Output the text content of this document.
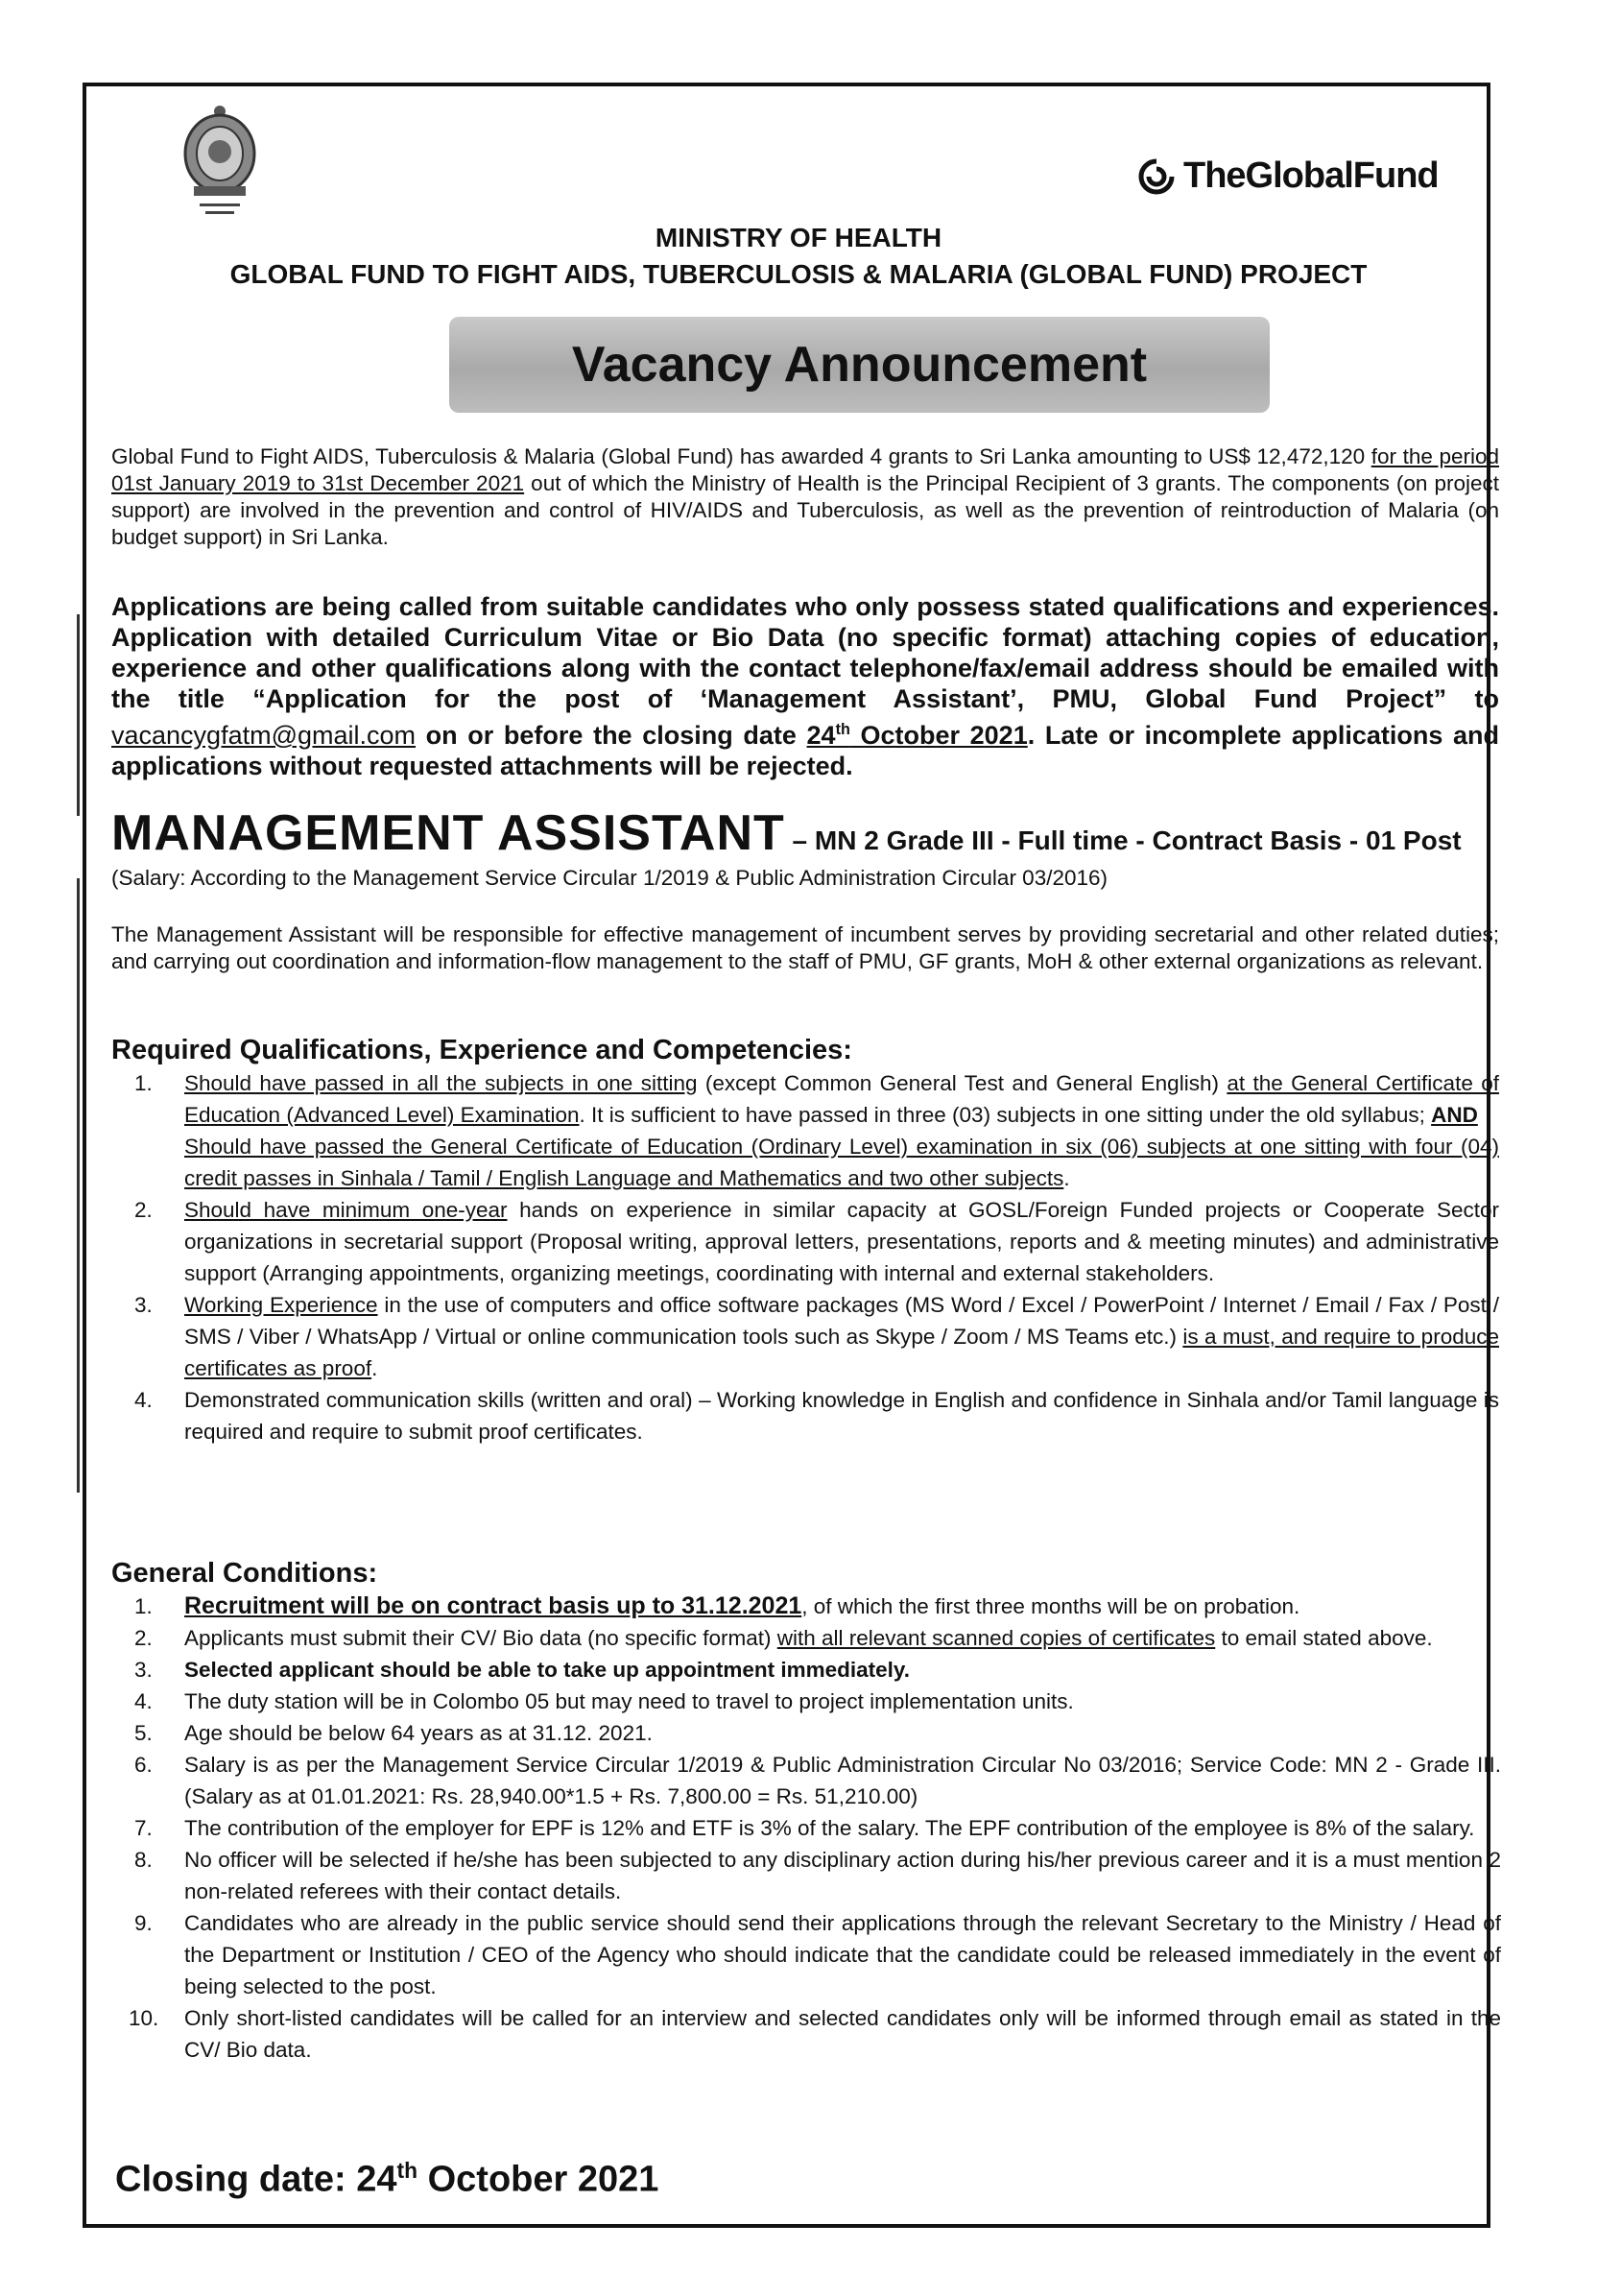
TheGlobalFund
MINISTRY OF HEALTH
GLOBAL FUND TO FIGHT AIDS, TUBERCULOSIS & MALARIA (GLOBAL FUND) PROJECT
Vacancy Announcement
Global Fund to Fight AIDS, Tuberculosis & Malaria (Global Fund) has awarded 4 grants to Sri Lanka amounting to US$ 12,472,120 for the period 01st January 2019 to 31st December 2021 out of which the Ministry of Health is the Principal Recipient of 3 grants. The components (on project support) are involved in the prevention and control of HIV/AIDS and Tuberculosis, as well as the prevention of reintroduction of Malaria (on budget support) in Sri Lanka.
Applications are being called from suitable candidates who only possess stated qualifications and experiences. Application with detailed Curriculum Vitae or Bio Data (no specific format) attaching copies of education, experience and other qualifications along with the contact telephone/fax/email address should be emailed with the title “Application for the post of ‘Management Assistant’, PMU, Global Fund Project” to vacancygfatm@gmail.com on or before the closing date 24th October 2021. Late or incomplete applications and applications without requested attachments will be rejected.
MANAGEMENT ASSISTANT – MN 2 Grade III - Full time - Contract Basis - 01 Post
(Salary: According to the Management Service Circular 1/2019 & Public Administration Circular 03/2016)
The Management Assistant will be responsible for effective management of incumbent serves by providing secretarial and other related duties; and carrying out coordination and information-flow management to the staff of PMU, GF grants, MoH & other external organizations as relevant.
Required Qualifications, Experience and Competencies:
1. Should have passed in all the subjects in one sitting (except Common General Test and General English) at the General Certificate of Education (Advanced Level) Examination. It is sufficient to have passed in three (03) subjects in one sitting under the old syllabus; AND
Should have passed the General Certificate of Education (Ordinary Level) examination in six (06) subjects at one sitting with four (04) credit passes in Sinhala / Tamil / English Language and Mathematics and two other subjects.
2. Should have minimum one-year hands on experience in similar capacity at GOSL/Foreign Funded projects or Cooperate Sector organizations in secretarial support (Proposal writing, approval letters, presentations, reports and & meeting minutes) and administrative support (Arranging appointments, organizing meetings, coordinating with internal and external stakeholders.
3. Working Experience in the use of computers and office software packages (MS Word / Excel / PowerPoint / Internet / Email / Fax / Post / SMS / Viber / WhatsApp / Virtual or online communication tools such as Skype / Zoom / MS Teams etc.) is a must, and require to produce certificates as proof.
4. Demonstrated communication skills (written and oral) – Working knowledge in English and confidence in Sinhala and/or Tamil language is required and require to submit proof certificates.
General Conditions:
1. Recruitment will be on contract basis up to 31.12.2021, of which the first three months will be on probation.
2. Applicants must submit their CV/ Bio data (no specific format) with all relevant scanned copies of certificates to email stated above.
3. Selected applicant should be able to take up appointment immediately.
4. The duty station will be in Colombo 05 but may need to travel to project implementation units.
5. Age should be below 64 years as at 31.12. 2021.
6. Salary is as per the Management Service Circular 1/2019 & Public Administration Circular No 03/2016; Service Code: MN 2 - Grade III. (Salary as at 01.01.2021: Rs. 28,940.00*1.5 + Rs. 7,800.00 = Rs. 51,210.00)
7. The contribution of the employer for EPF is 12% and ETF is 3% of the salary. The EPF contribution of the employee is 8% of the salary.
8. No officer will be selected if he/she has been subjected to any disciplinary action during his/her previous career and it is a must mention 2 non-related referees with their contact details.
9. Candidates who are already in the public service should send their applications through the relevant Secretary to the Ministry / Head of the Department or Institution / CEO of the Agency who should indicate that the candidate could be released immediately in the event of being selected to the post.
10. Only short-listed candidates will be called for an interview and selected candidates only will be informed through email as stated in the CV/ Bio data.
Closing date: 24th October 2021
